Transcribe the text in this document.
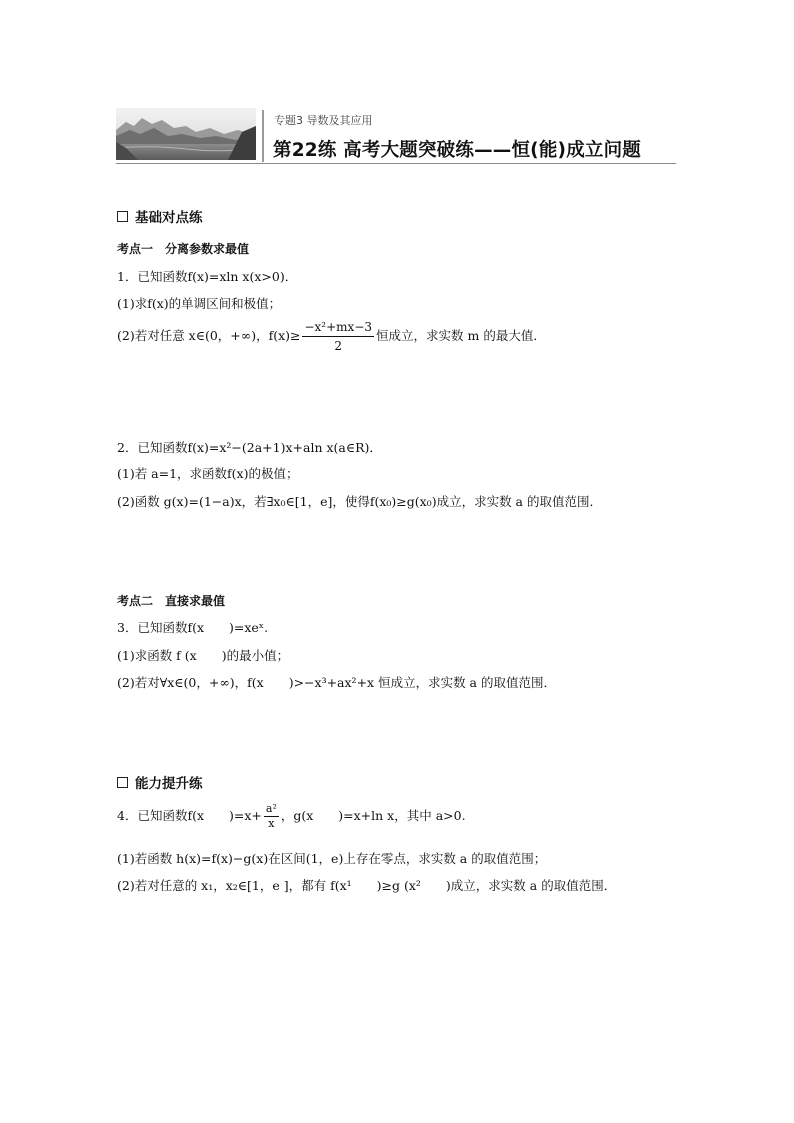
专题3 导数及其应用
第22练 高考大题突破练——恒(能)成立问题
基础对点练
考点一　分离参数求最值
1．已知函数f(x)=xln x(x>0)．
(1)求f(x)的单调区间和极值；
(2)若对任意 x∈(0，+∞)，$f(x)\ge \frac{\text{−x²+mx−3}}{2}$ 恒成立，求实数 m 的最大值．
2．已知函数f(x)=x²−(2a+1)x+aln x(a∈R)．
(1)若 a=1，求函数f(x)的极值；
(2)函数 g(x)=(1−a)x，若∃x₀∈[1，e]，使得f(x₀)≥g(x₀)成立，求实数 a 的取值范围．
考点二　直接求最值
3．已知函数f(x　　)=xeˣ.
(1)求函数 f (x　　)的最小值；
(2)若对∀x∈(0，+∞)，f(x　　)>−x³+ax²+x 恒成立，求实数 a 的取值范围．
能力提升练
4．已知函数f(x　　)$=x+ \frac{\text{a²}}{x}$ ，g(x　　)=x+ln x，其中 a>0.
(1)若函数 h(x)=f(x)−g(x)在区间(1，e)上存在零点，求实数 a 的取值范围；
(2)若对任意的 x₁，x₂∈[1，e ]，都有 f(x¹　　)≥g (x²　　)成立，求实数 a 的取值范围．
